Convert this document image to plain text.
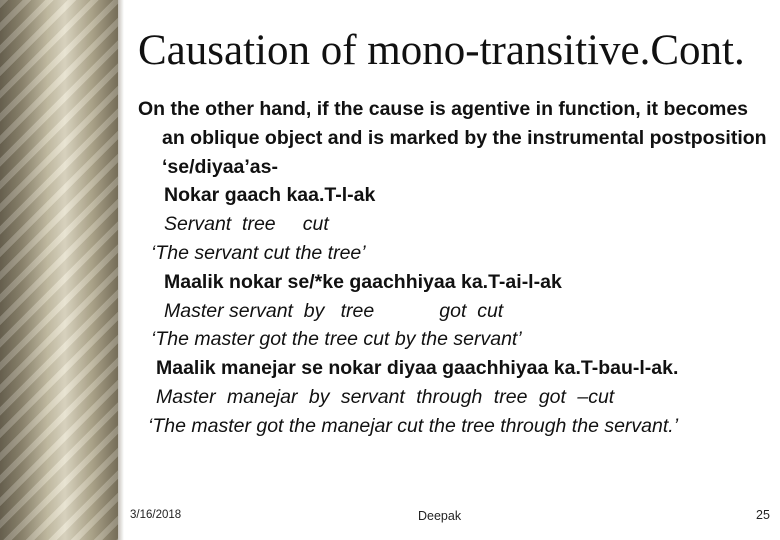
Causation of mono-transitive.Cont.

On the other hand, if the cause is agentive in function, it becomes an oblique object and is marked by the instrumental postposition ‘se/diyaa’as-

Nokar gaach kaa.T-l-ak

Servant  tree     cut

‘The servant cut the tree’

Maalik nokar se/*ke gaachhiyaa ka.T-ai-l-ak

Master servant  by   tree            got  cut

‘The master got the tree cut by the servant’

Maalik manejar se nokar diyaa gaachhiyaa ka.T-bau-l-ak.

Master manejar by servant through tree got –cut

‘The master got the manejar cut the tree through the servant.’

3/16/2018	Deepak	25
